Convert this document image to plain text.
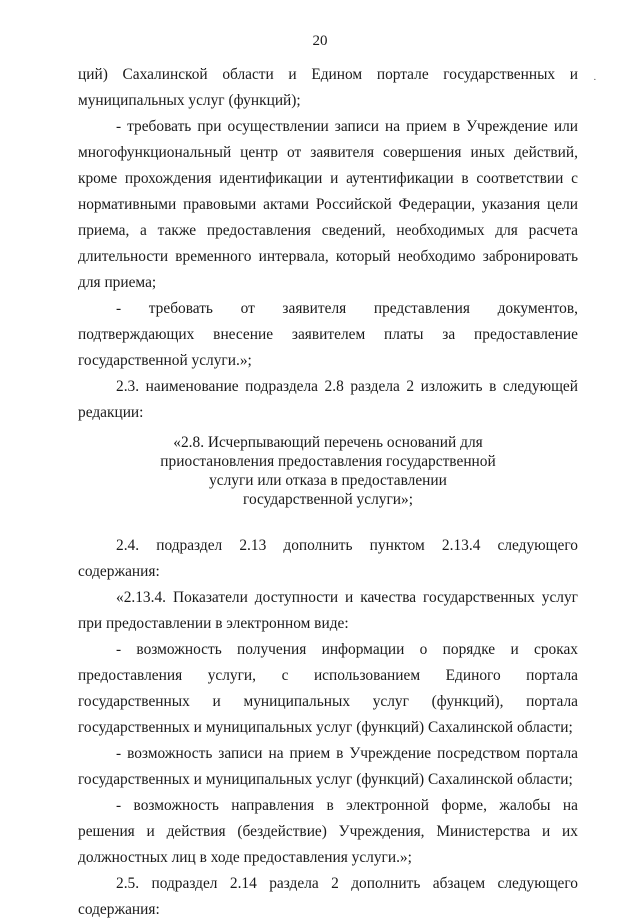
20
·

ций) Сахалинской области и Едином портале государственных и муниципальных услуг (функций);

- требовать при осуществлении записи на прием в Учреждение или многофункциональный центр от заявителя совершения иных действий, кроме прохождения идентификации и аутентификации в соответствии с нормативными правовыми актами Российской Федерации, указания цели приема, а также предоставления сведений, необходимых для расчета длительности временного интервала, который необходимо забронировать для приема;

- требовать от заявителя представления документов, подтверждающих внесение заявителем платы за предоставление государственной услуги.»;

2.3. наименование подраздела 2.8 раздела 2 изложить в следующей редакции:

«2.8. Исчерпывающий перечень оснований для
приостановления предоставления государственной
услуги или отказа в предоставлении
государственной услуги»;

2.4. подраздел 2.13 дополнить пунктом 2.13.4 следующего содержания:

«2.13.4. Показатели доступности и качества государственных услуг при предоставлении в электронном виде:

- возможность получения информации о порядке и сроках предоставления услуги, с использованием Единого портала государственных и муниципальных услуг (функций), портала государственных и муниципальных услуг (функций) Сахалинской области;

- возможность записи на прием в Учреждение посредством портала государственных и муниципальных услуг (функций) Сахалинской области;

- возможность направления в электронной форме, жалобы на решения и действия (бездействие) Учреждения, Министерства и их должностных лиц в ходе предоставления услуги.»;

2.5. подраздел 2.14 раздела 2 дополнить абзацем следующего содержания:
